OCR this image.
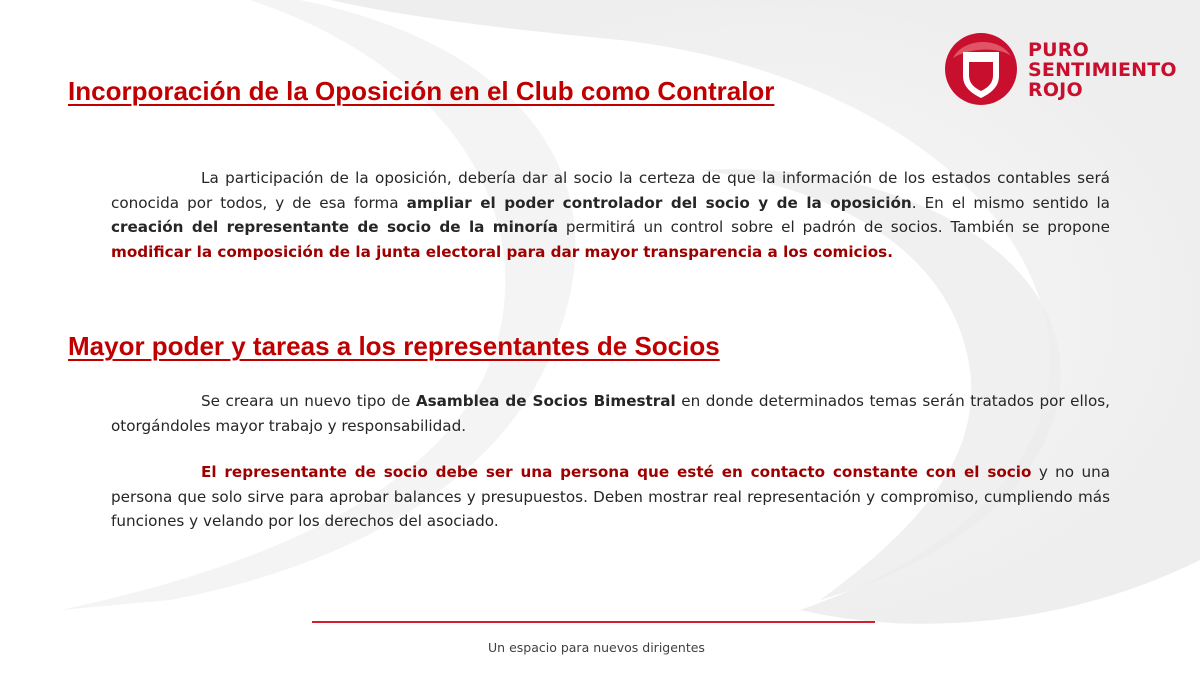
PURO
SENTIMIENTO
ROJO
Incorporación de la Oposición en el Club como Contralor

La participación de la oposición, debería dar al socio la certeza de que la información de los estados contables será conocida por todos, y de esa forma ampliar el poder controlador del socio y de la oposición. En el mismo sentido la creación del representante de socio de la minoría permitirá un control sobre el padrón de socios. También se propone modificar la composición de la junta electoral para dar mayor transparencia a los comicios.

Mayor poder y tareas a los representantes de Socios

Se creara un nuevo tipo de Asamblea de Socios Bimestral en donde determinados temas serán tratados por ellos, otorgándoles mayor trabajo y responsabilidad.

El representante de socio debe ser una persona que esté en contacto constante con el socio y no una persona que solo sirve para aprobar balances y presupuestos. Deben mostrar real representación y compromiso, cumpliendo más funciones y velando por los derechos del asociado.

Un espacio para nuevos dirigentes
